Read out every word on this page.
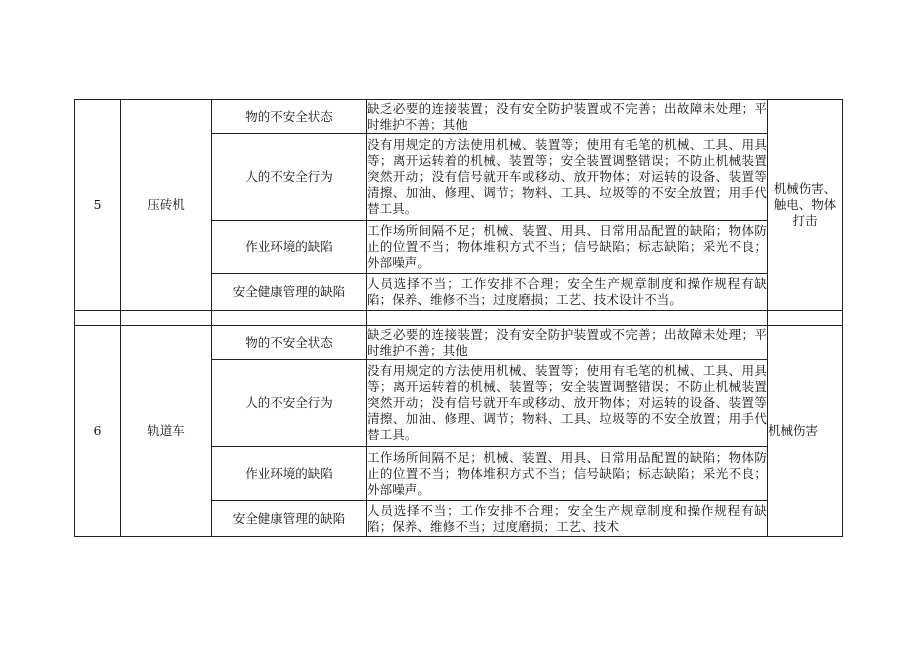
5	压砖机	物的不安全状态	缺乏必要的连接装置；没有安全防护装置或不完善；出故障未处理；平时维护不善；其他	机械伤害、触电、物体打击
		人的不安全行为	没有用规定的方法使用机械、装置等；使用有毛笔的机械、工具、用具等；离开运转着的机械、装置等；安全装置调整错误；不防止机械装置突然开动；没有信号就开车或移动、放开物体；对运转的设备、装置等清擦、加油、修理、调节；物料、工具、垃圾等的不安全放置；用手代替工具。	
		作业环境的缺陷	工作场所间隔不足；机械、装置、用具、日常用品配置的缺陷；物体防止的位置不当；物体堆积方式不当；信号缺陷；标志缺陷；采光不良；外部噪声。	
		安全健康管理的缺陷	人员选择不当；工作安排不合理；安全生产规章制度和操作规程有缺陷；保养、维修不当；过度磨损；工艺、技术设计不当。	

6	轨道车	物的不安全状态	缺乏必要的连接装置；没有安全防护装置或不完善；出故障未处理；平时维护不善；其他	机械伤害
		人的不安全行为	没有用规定的方法使用机械、装置等；使用有毛笔的机械、工具、用具等；离开运转着的机械、装置等；安全装置调整错误；不防止机械装置突然开动；没有信号就开车或移动、放开物体；对运转的设备、装置等清擦、加油、修理、调节；物料、工具、垃圾等的不安全放置；用手代替工具。	
		作业环境的缺陷	工作场所间隔不足；机械、装置、用具、日常用品配置的缺陷；物体防止的位置不当；物体堆积方式不当；信号缺陷；标志缺陷；采光不良；外部噪声。	
		安全健康管理的缺陷	人员选择不当；工作安排不合理；安全生产规章制度和操作规程有缺陷；保养、维修不当；过度磨损；工艺、技术	
